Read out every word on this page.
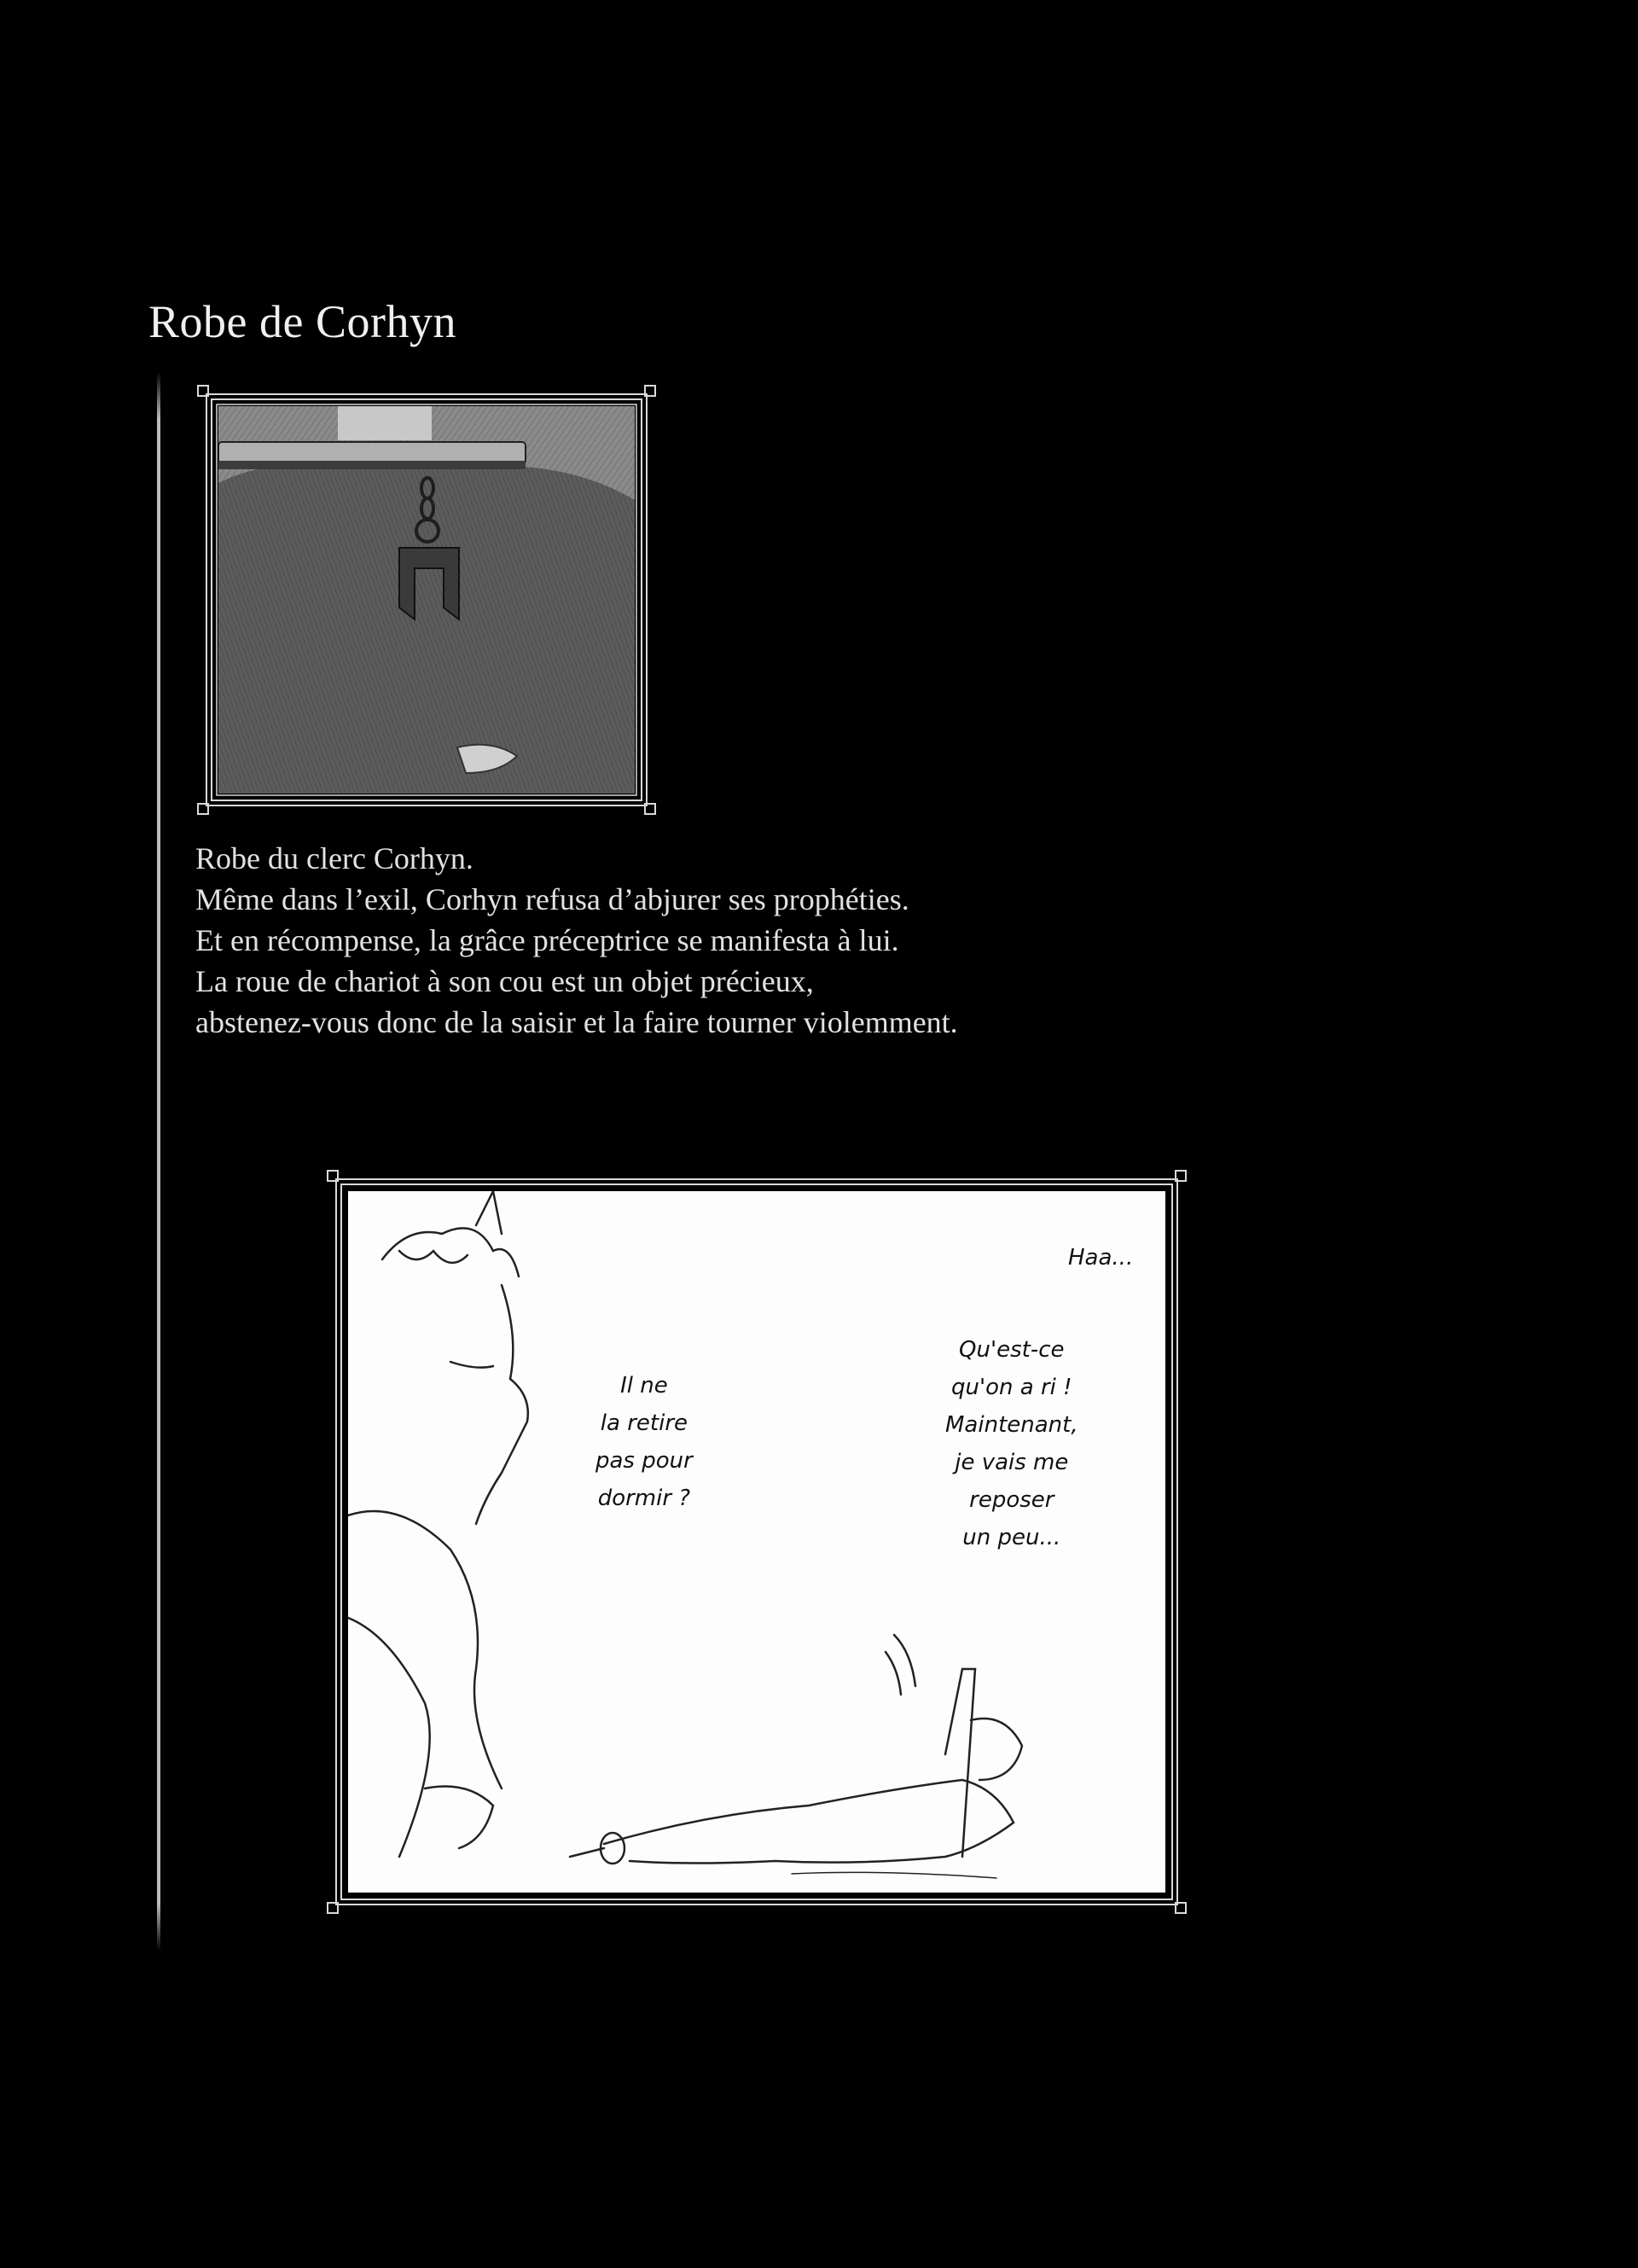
Robe de Corhyn
Robe du clerc Corhyn.
Même dans l’exil, Corhyn refusa d’abjurer ses prophéties.
Et en récompense, la grâce préceptrice se manifesta à lui.
La roue de chariot à son cou est un objet précieux,
abstenez-vous donc de la saisir et la faire tourner violemment.
Il ne
la retire
pas pour
dormir ?
Qu'est-ce
qu'on a ri !
Maintenant,
je vais me
reposer
un peu...
Haa...
